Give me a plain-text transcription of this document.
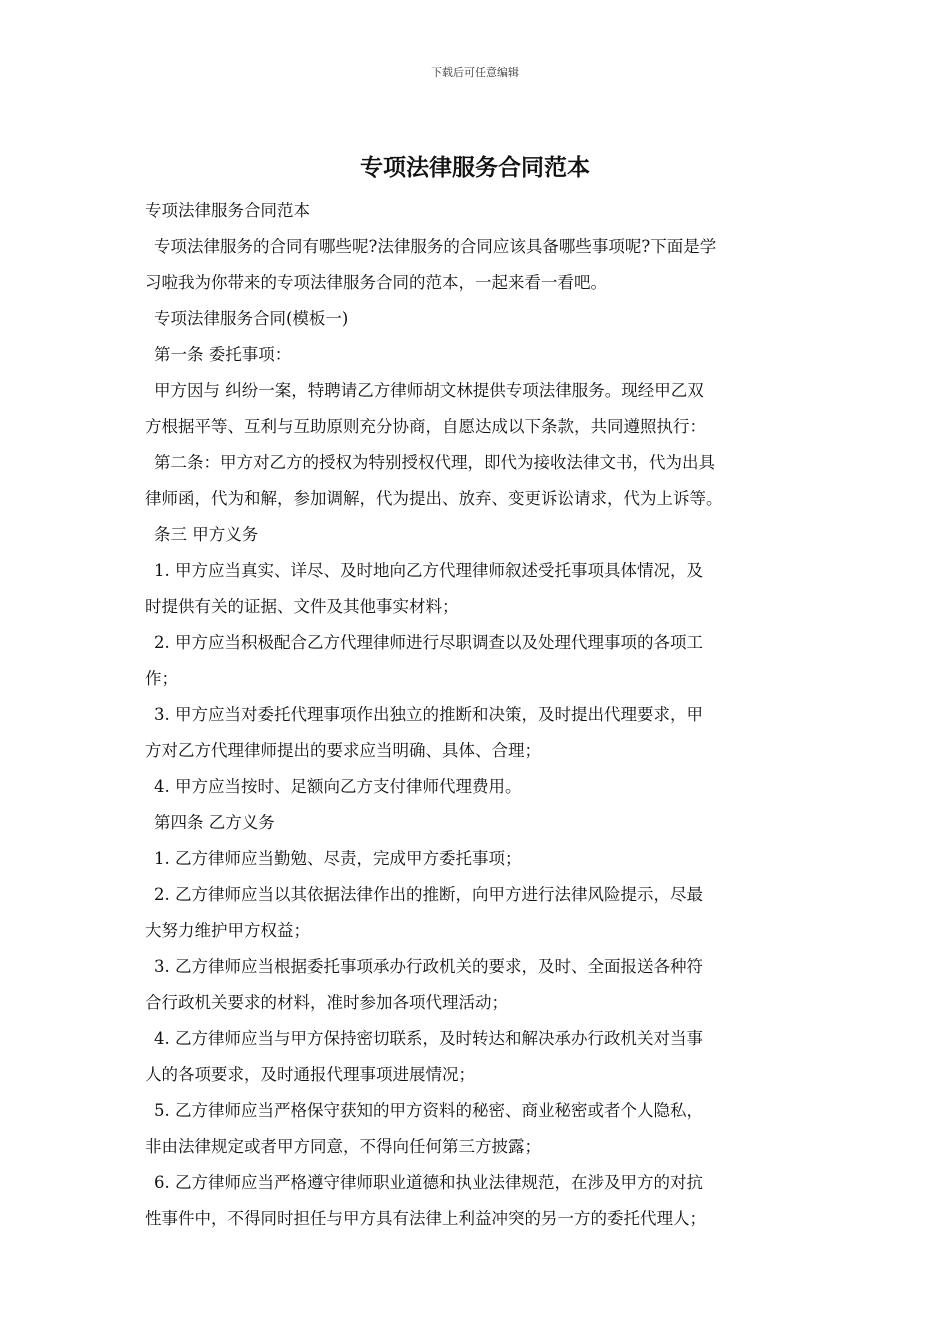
下载后可任意编辑
专项法律服务合同范本
专项法律服务合同范本
专项法律服务的合同有哪些呢?法律服务的合同应该具备哪些事项呢?下面是学
习啦我为你带来的专项法律服务合同的范本，一起来看一看吧。
专项法律服务合同(模板一)
第一条 委托事项：
甲方因与 纠纷一案，特聘请乙方律师胡文林提供专项法律服务。现经甲乙双
方根据平等、互利与互助原则充分协商，自愿达成以下条款，共同遵照执行：
第二条：甲方对乙方的授权为特别授权代理，即代为接收法律文书，代为出具
律师函，代为和解，参加调解，代为提出、放弃、变更诉讼请求，代为上诉等。
条三 甲方义务
1. 甲方应当真实、详尽、及时地向乙方代理律师叙述受托事项具体情况，及
时提供有关的证据、文件及其他事实材料；
2. 甲方应当积极配合乙方代理律师进行尽职调查以及处理代理事项的各项工
作；
3. 甲方应当对委托代理事项作出独立的推断和决策，及时提出代理要求，甲
方对乙方代理律师提出的要求应当明确、具体、合理；
4. 甲方应当按时、足额向乙方支付律师代理费用。
第四条 乙方义务
1. 乙方律师应当勤勉、尽责，完成甲方委托事项；
2. 乙方律师应当以其依据法律作出的推断，向甲方进行法律风险提示，尽最
大努力维护甲方权益；
3. 乙方律师应当根据委托事项承办行政机关的要求，及时、全面报送各种符
合行政机关要求的材料，准时参加各项代理活动；
4. 乙方律师应当与甲方保持密切联系，及时转达和解决承办行政机关对当事
人的各项要求，及时通报代理事项进展情况；
5. 乙方律师应当严格保守获知的甲方资料的秘密、商业秘密或者个人隐私，
非由法律规定或者甲方同意，不得向任何第三方披露；
6. 乙方律师应当严格遵守律师职业道德和执业法律规范，在涉及甲方的对抗
性事件中，不得同时担任与甲方具有法律上利益冲突的另一方的委托代理人；
